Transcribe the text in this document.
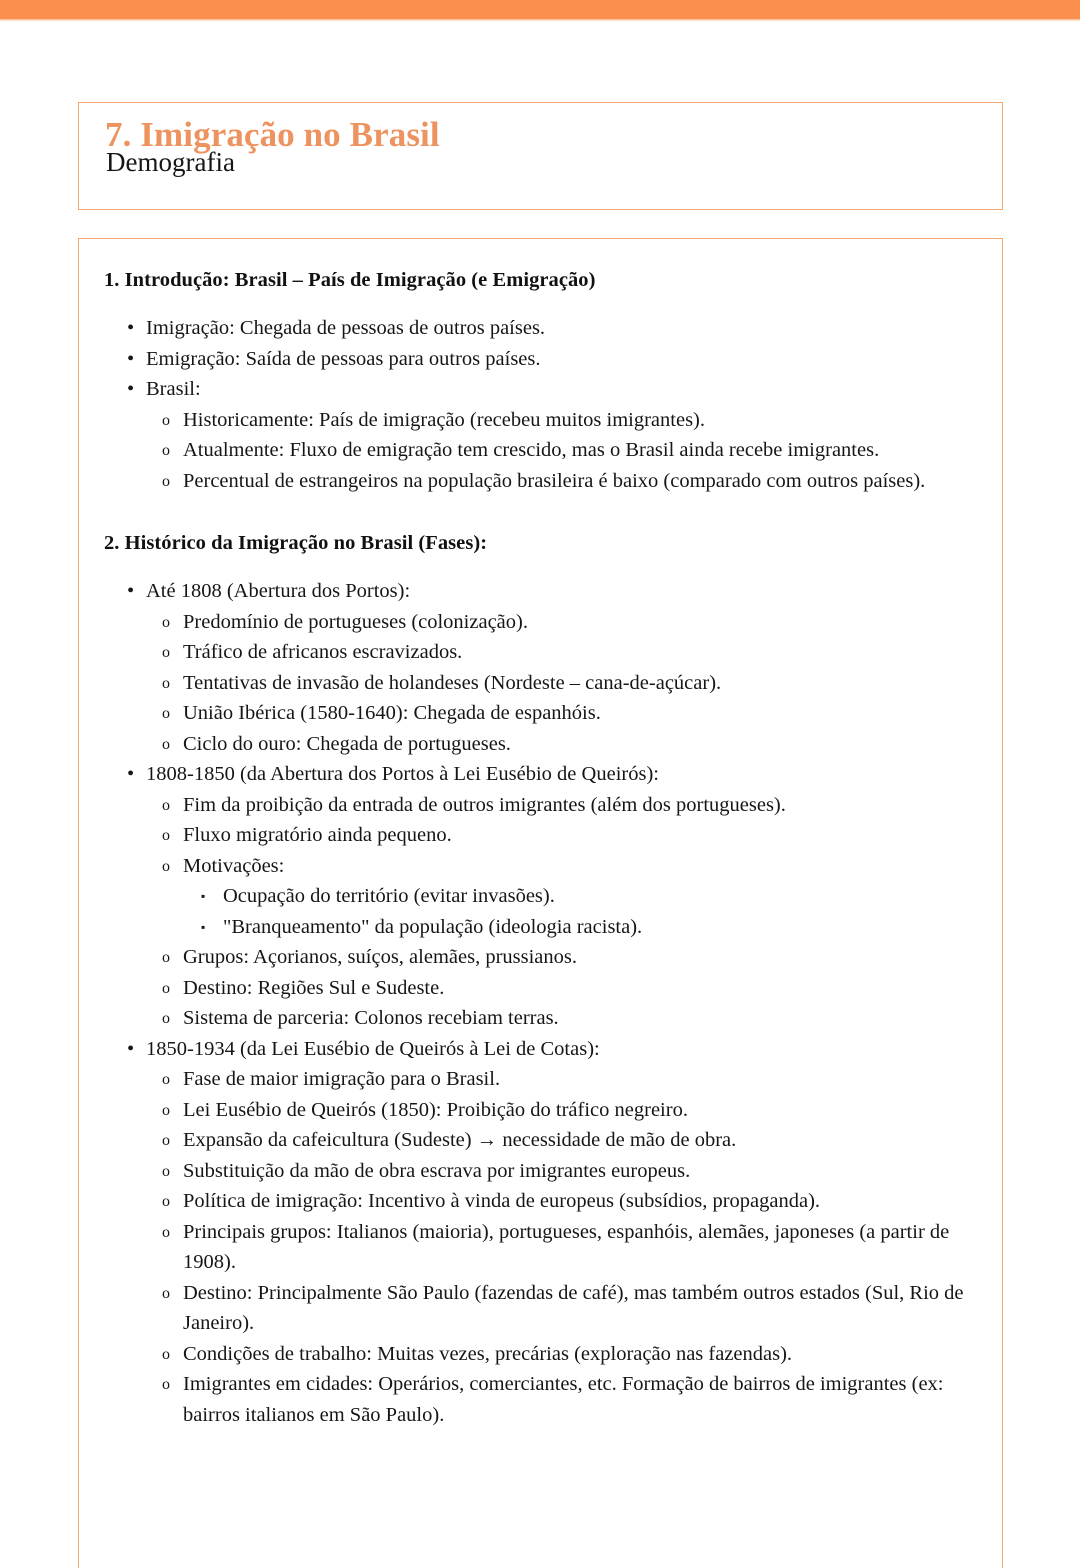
7. Imigração no Brasil
Demografia
1. Introdução: Brasil – País de Imigração (e Emigração)
• Imigração: Chegada de pessoas de outros países.
• Emigração: Saída de pessoas para outros países.
• Brasil:
o Historicamente: País de imigração (recebeu muitos imigrantes).
o Atualmente: Fluxo de emigração tem crescido, mas o Brasil ainda recebe imigrantes.
o Percentual de estrangeiros na população brasileira é baixo (comparado com outros países).
2. Histórico da Imigração no Brasil (Fases):
• Até 1808 (Abertura dos Portos):
o Predomínio de portugueses (colonização).
o Tráfico de africanos escravizados.
o Tentativas de invasão de holandeses (Nordeste – cana-de-açúcar).
o União Ibérica (1580-1640): Chegada de espanhóis.
o Ciclo do ouro: Chegada de portugueses.
• 1808-1850 (da Abertura dos Portos à Lei Eusébio de Queirós):
o Fim da proibição da entrada de outros imigrantes (além dos portugueses).
o Fluxo migratório ainda pequeno.
o Motivações:
▪ Ocupação do território (evitar invasões).
▪ "Branqueamento" da população (ideologia racista).
o Grupos: Açorianos, suíços, alemães, prussianos.
o Destino: Regiões Sul e Sudeste.
o Sistema de parceria: Colonos recebiam terras.
• 1850-1934 (da Lei Eusébio de Queirós à Lei de Cotas):
o Fase de maior imigração para o Brasil.
o Lei Eusébio de Queirós (1850): Proibição do tráfico negreiro.
o Expansão da cafeicultura (Sudeste) → necessidade de mão de obra.
o Substituição da mão de obra escrava por imigrantes europeus.
o Política de imigração: Incentivo à vinda de europeus (subsídios, propaganda).
o Principais grupos: Italianos (maioria), portugueses, espanhóis, alemães, japoneses (a partir de 1908).
o Destino: Principalmente São Paulo (fazendas de café), mas também outros estados (Sul, Rio de Janeiro).
o Condições de trabalho: Muitas vezes, precárias (exploração nas fazendas).
o Imigrantes em cidades: Operários, comerciantes, etc. Formação de bairros de imigrantes (ex: bairros italianos em São Paulo).
